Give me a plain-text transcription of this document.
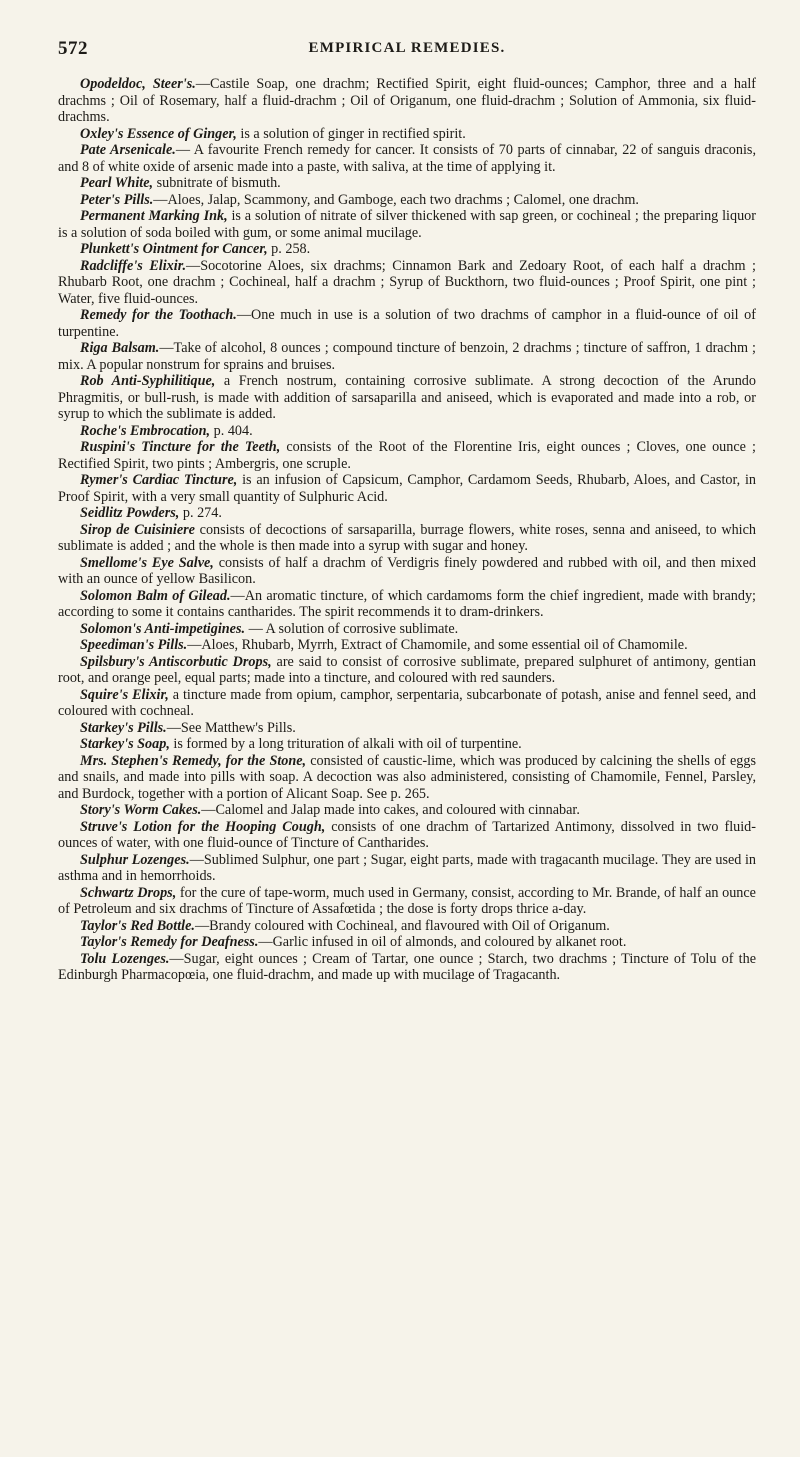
572	EMPIRICAL REMEDIES.

Opodeldoc, Steer's.—Castile Soap, one drachm; Rectified Spirit, eight fluid-ounces; Camphor, three and a half drachms ; Oil of Rosemary, half a fluid-drachm ; Oil of Origanum, one fluid-drachm ; Solution of Ammonia, six fluid-drachms.

Oxley's Essence of Ginger, is a solution of ginger in rectified spirit.

Pate Arsenicale.— A favourite French remedy for cancer. It consists of 70 parts of cinnabar, 22 of sanguis draconis, and 8 of white oxide of arsenic made into a paste, with saliva, at the time of applying it.

Pearl White, subnitrate of bismuth.

Peter's Pills.—Aloes, Jalap, Scammony, and Gamboge, each two drachms ; Calomel, one drachm.

Permanent Marking Ink, is a solution of nitrate of silver thickened with sap green, or cochineal ; the preparing liquor is a solution of soda boiled with gum, or some animal mucilage.

Plunkett's Ointment for Cancer, p. 258.

Radcliffe's Elixir.—Socotorine Aloes, six drachms; Cinnamon Bark and Zedoary Root, of each half a drachm ; Rhubarb Root, one drachm ; Cochineal, half a drachm ; Syrup of Buckthorn, two fluid-ounces ; Proof Spirit, one pint ; Water, five fluid-ounces.

Remedy for the Toothach.—One much in use is a solution of two drachms of camphor in a fluid-ounce of oil of turpentine.

Riga Balsam.—Take of alcohol, 8 ounces ; compound tincture of benzoin, 2 drachms ; tincture of saffron, 1 drachm ; mix. A popular nonstrum for sprains and bruises.

Rob Anti-Syphilitique, a French nostrum, containing corrosive sublimate. A strong decoction of the Arundo Phragmitis, or bull-rush, is made with addition of sarsaparilla and aniseed, which is evaporated and made into a rob, or syrup to which the sublimate is added.

Roche's Embrocation, p. 404.

Ruspini's Tincture for the Teeth, consists of the Root of the Florentine Iris, eight ounces ; Cloves, one ounce ; Rectified Spirit, two pints ; Ambergris, one scruple.

Rymer's Cardiac Tincture, is an infusion of Capsicum, Camphor, Cardamom Seeds, Rhubarb, Aloes, and Castor, in Proof Spirit, with a very small quantity of Sulphuric Acid.

Seidlitz Powders, p. 274.

Sirop de Cuisiniere consists of decoctions of sarsaparilla, burrage flowers, white roses, senna and aniseed, to which sublimate is added ; and the whole is then made into a syrup with sugar and honey.

Smellome's Eye Salve, consists of half a drachm of Verdigris finely powdered and rubbed with oil, and then mixed with an ounce of yellow Basilicon.

Solomon Balm of Gilead.—An aromatic tincture, of which cardamoms form the chief ingredient, made with brandy; according to some it contains cantharides. The spirit recommends it to dram-drinkers.

Solomon's Anti-impetigines. — A solution of corrosive sublimate.

Speediman's Pills.—Aloes, Rhubarb, Myrrh, Extract of Chamomile, and some essential oil of Chamomile.

Spilsbury's Antiscorbutic Drops, are said to consist of corrosive sublimate, prepared sulphuret of antimony, gentian root, and orange peel, equal parts; made into a tincture, and coloured with red saunders.

Squire's Elixir, a tincture made from opium, camphor, serpentaria, subcarbonate of potash, anise and fennel seed, and coloured with cochneal.

Starkey's Pills.—See Matthew's Pills.

Starkey's Soap, is formed by a long trituration of alkali with oil of turpentine.

Mrs. Stephen's Remedy, for the Stone, consisted of caustic-lime, which was produced by calcining the shells of eggs and snails, and made into pills with soap. A decoction was also administered, consisting of Chamomile, Fennel, Parsley, and Burdock, together with a portion of Alicant Soap. See p. 265.

Story's Worm Cakes.—Calomel and Jalap made into cakes, and coloured with cinnabar.

Struve's Lotion for the Hooping Cough, consists of one drachm of Tartarized Antimony, dissolved in two fluid-ounces of water, with one fluid-ounce of Tincture of Cantharides.

Sulphur Lozenges.—Sublimed Sulphur, one part ; Sugar, eight parts, made with tragacanth mucilage. They are used in asthma and in hemorrhoids.

Schwartz Drops, for the cure of tape-worm, much used in Germany, consist, according to Mr. Brande, of half an ounce of Petroleum and six drachms of Tincture of Assafœtida ; the dose is forty drops thrice a-day.

Taylor's Red Bottle.—Brandy coloured with Cochineal, and flavoured with Oil of Origanum.

Taylor's Remedy for Deafness.—Garlic infused in oil of almonds, and coloured by alkanet root.

Tolu Lozenges.—Sugar, eight ounces ; Cream of Tartar, one ounce ; Starch, two drachms ; Tincture of Tolu of the Edinburgh Pharmacopœia, one fluid-drachm, and made up with mucilage of Tragacanth.
